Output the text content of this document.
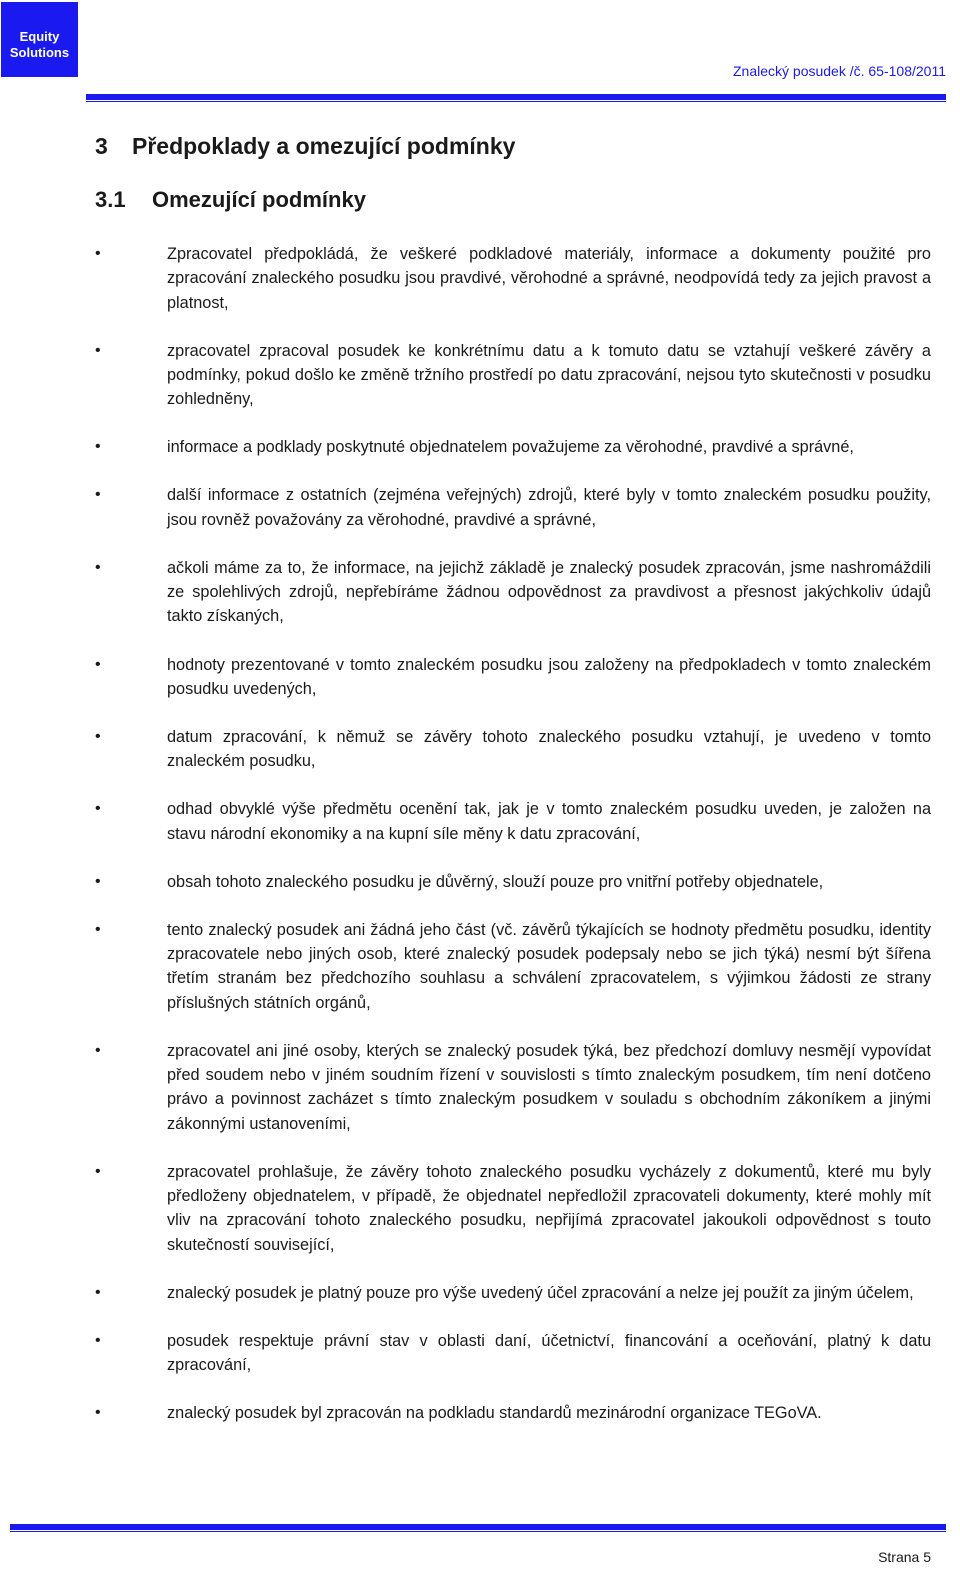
Equity
Solutions
Znalecký posudek /č. 65-108/2011
3 Předpoklady a omezující podmínky
3.1 Omezující podmínky
•	Zpracovatel předpokládá, že veškeré podkladové materiály, informace a dokumenty použité pro zpracování znaleckého posudku jsou pravdivé, věrohodné a správné, neodpovídá tedy za jejich pravost a platnost,
•	zpracovatel zpracoval posudek ke konkrétnímu datu a k tomuto datu se vztahují veškeré závěry a podmínky, pokud došlo ke změně tržního prostředí po datu zpracování, nejsou tyto skutečnosti v posudku zohledněny,
•	informace a podklady poskytnuté objednatelem považujeme za věrohodné, pravdivé a správné,
•	další informace z ostatních (zejména veřejných) zdrojů, které byly v tomto znaleckém posudku použity, jsou rovněž považovány za věrohodné, pravdivé a správné,
•	ačkoli máme za to, že informace, na jejichž základě je znalecký posudek zpracován, jsme nashromáždili ze spolehlivých zdrojů, nepřebíráme žádnou odpovědnost za pravdivost a přesnost jakýchkoliv údajů takto získaných,
•	hodnoty prezentované v tomto znaleckém posudku jsou založeny na předpokladech v tomto znaleckém posudku uvedených,
•	datum zpracování, k němuž se závěry tohoto znaleckého posudku vztahují, je uvedeno v tomto znaleckém posudku,
•	odhad obvyklé výše předmětu ocenění tak, jak je v tomto znaleckém posudku uveden, je založen na stavu národní ekonomiky a na kupní síle měny k datu zpracování,
•	obsah tohoto znaleckého posudku je důvěrný, slouží pouze pro vnitřní potřeby objednatele,
•	tento znalecký posudek ani žádná jeho část (vč. závěrů týkajících se hodnoty předmětu posudku, identity zpracovatele nebo jiných osob, které znalecký posudek podepsaly nebo se jich týká) nesmí být šířena třetím stranám bez předchozího souhlasu a schválení zpracovatelem, s výjimkou žádosti ze strany příslušných státních orgánů,
•	zpracovatel ani jiné osoby, kterých se znalecký posudek týká, bez předchozí domluvy nesmějí vypovídat před soudem nebo v jiném soudním řízení v souvislosti s tímto znaleckým posudkem, tím není dotčeno právo a povinnost zacházet s tímto znaleckým posudkem v souladu s obchodním zákoníkem a jinými zákonnými ustanoveními,
•	zpracovatel prohlašuje, že závěry tohoto znaleckého posudku vycházely z dokumentů, které mu byly předloženy objednatelem, v případě, že objednatel nepředložil zpracovateli dokumenty, které mohly mít vliv na zpracování tohoto znaleckého posudku, nepřijímá zpracovatel jakoukoli odpovědnost s touto skutečností související,
•	znalecký posudek je platný pouze pro výše uvedený účel zpracování a nelze jej použít za jiným účelem,
•	posudek respektuje právní stav v oblasti daní, účetnictví, financování a oceňování, platný k datu zpracování,
•	znalecký posudek byl zpracován na podkladu standardů mezinárodní organizace TEGoVA.
Strana 5
